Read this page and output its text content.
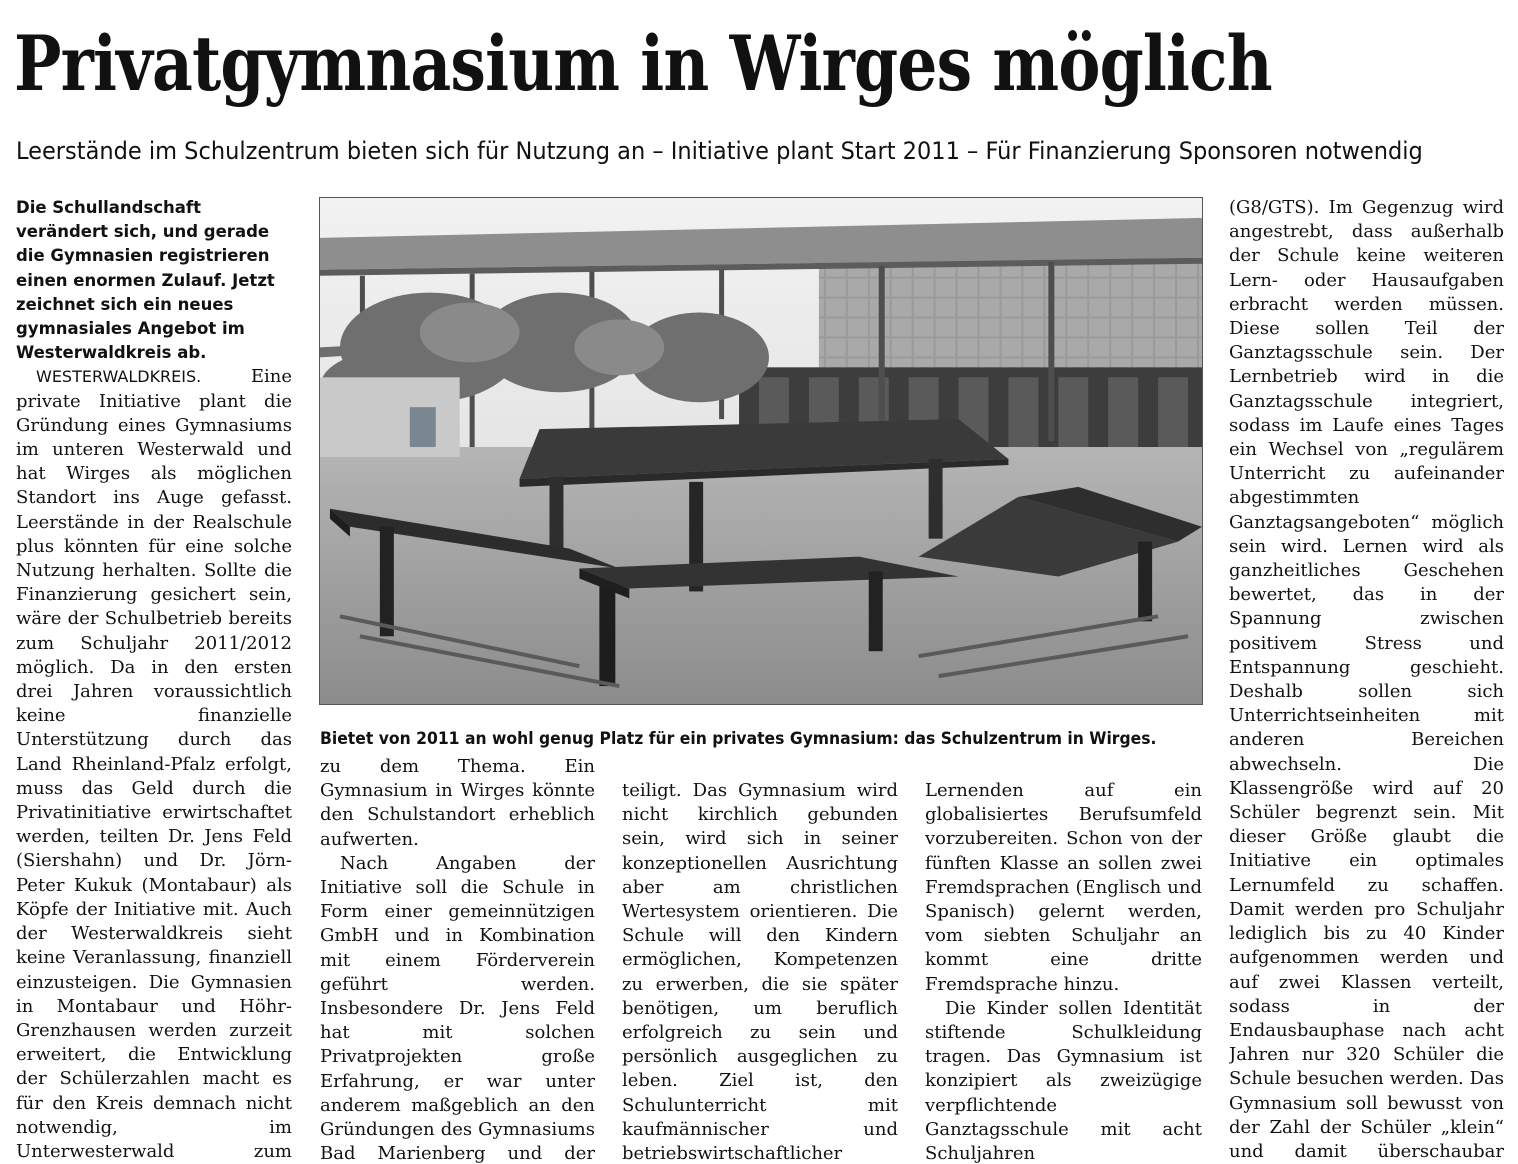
Privatgymnasium in Wirges möglich
Leerstände im Schulzentrum bieten sich für Nutzung an – Initiative plant Start 2011 – Für Finanzierung Sponsoren notwendig

Die Schullandschaft verändert sich, und gerade die Gymnasien registrieren einen enormen Zulauf. Jetzt zeichnet sich ein neues gymnasiales Angebot im Westerwaldkreis ab.

WESTERWALDKREIS.	Eine private Initiative plant die Gründung eines Gymnasiums im unteren Westerwald und hat Wirges als möglichen Standort ins Auge gefasst. Leerstände in der Realschule plus könnten für eine solche Nutzung herhalten. Sollte die Finanzierung gesichert sein, wäre der Schulbetrieb bereits zum Schuljahr 2011/2012 möglich. Da in den ersten drei Jahren voraussichtlich keine finanzielle Unterstützung durch das Land Rheinland-Pfalz erfolgt, muss das Geld durch die Privatinitiative erwirtschaftet werden, teilten Dr. Jens Feld (Siershahn) und Dr. Jörn-Peter Kukuk (Montabaur) als Köpfe der Initiative mit. Auch der Westerwaldkreis sieht keine Veranlassung, finanziell einzusteigen. Die Gymnasien in Montabaur und Höhr-Grenzhausen werden zurzeit erweitert, die Entwicklung der Schülerzahlen macht es für den Kreis demnach nicht notwendig, im Unterwesterwald zum

Bietet von 2011 an wohl genug Platz für ein privates Gymnasium: das Schulzentrum in Wirges.

zu dem Thema. Ein Gymnasium in Wirges könnte den Schulstandort erheblich aufwerten.

Nach Angaben der Initiative soll die Schule in Form einer gemeinnützigen GmbH und in Kombination mit einem Förderverein geführt werden. Insbesondere Dr. Jens Feld hat mit solchen Privatprojekten große Erfahrung, er war unter anderem maßgeblich an den Gründungen des Gymnasiums Bad Marienberg und der

teiligt. Das Gymnasium wird nicht kirchlich gebunden sein, wird sich in seiner konzeptionellen Ausrichtung aber am christlichen Wertesystem orientieren. Die Schule will den Kindern ermöglichen, Kompetenzen zu erwerben, die sie später benötigen, um beruflich erfolgreich zu sein und persönlich ausgeglichen zu leben. Ziel ist, den Schulunterricht mit kaufmännischer und betriebswirtschaftlicher

Lernenden auf ein globalisiertes Berufsumfeld vorzubereiten. Schon von der fünften Klasse an sollen zwei Fremdsprachen (Englisch und Spanisch) gelernt werden, vom siebten Schuljahr an kommt eine dritte Fremdsprache hinzu.

Die Kinder sollen Identität stiftende Schulkleidung tragen. Das Gymnasium ist konzipiert als zweizügige verpflichtende Ganztagsschule mit acht Schuljahren

(G8/GTS). Im Gegenzug wird angestrebt, dass außerhalb der Schule keine weiteren Lern- oder Hausaufgaben erbracht werden müssen. Diese sollen Teil der Ganztagsschule sein. Der Lernbetrieb wird in die Ganztagsschule integriert, sodass im Laufe eines Tages ein Wechsel von „regulärem Unterricht zu aufeinander abgestimmten Ganztagsangeboten“ möglich sein wird. Lernen wird als ganzheitliches Geschehen bewertet, das in der Spannung zwischen positivem Stress und Entspannung geschieht. Deshalb sollen sich Unterrichtseinheiten mit anderen Bereichen abwechseln. Die Klassengröße wird auf 20 Schüler begrenzt sein. Mit dieser Größe glaubt die Initiative ein optimales Lernumfeld zu schaffen. Damit werden pro Schuljahr lediglich bis zu 40 Kinder aufgenommen werden und auf zwei Klassen verteilt, sodass in der Endausbauphase nach acht Jahren nur 320 Schüler die Schule besuchen werden. Das Gymnasium soll bewusst von der Zahl der Schüler „klein“ und damit überschaubar
